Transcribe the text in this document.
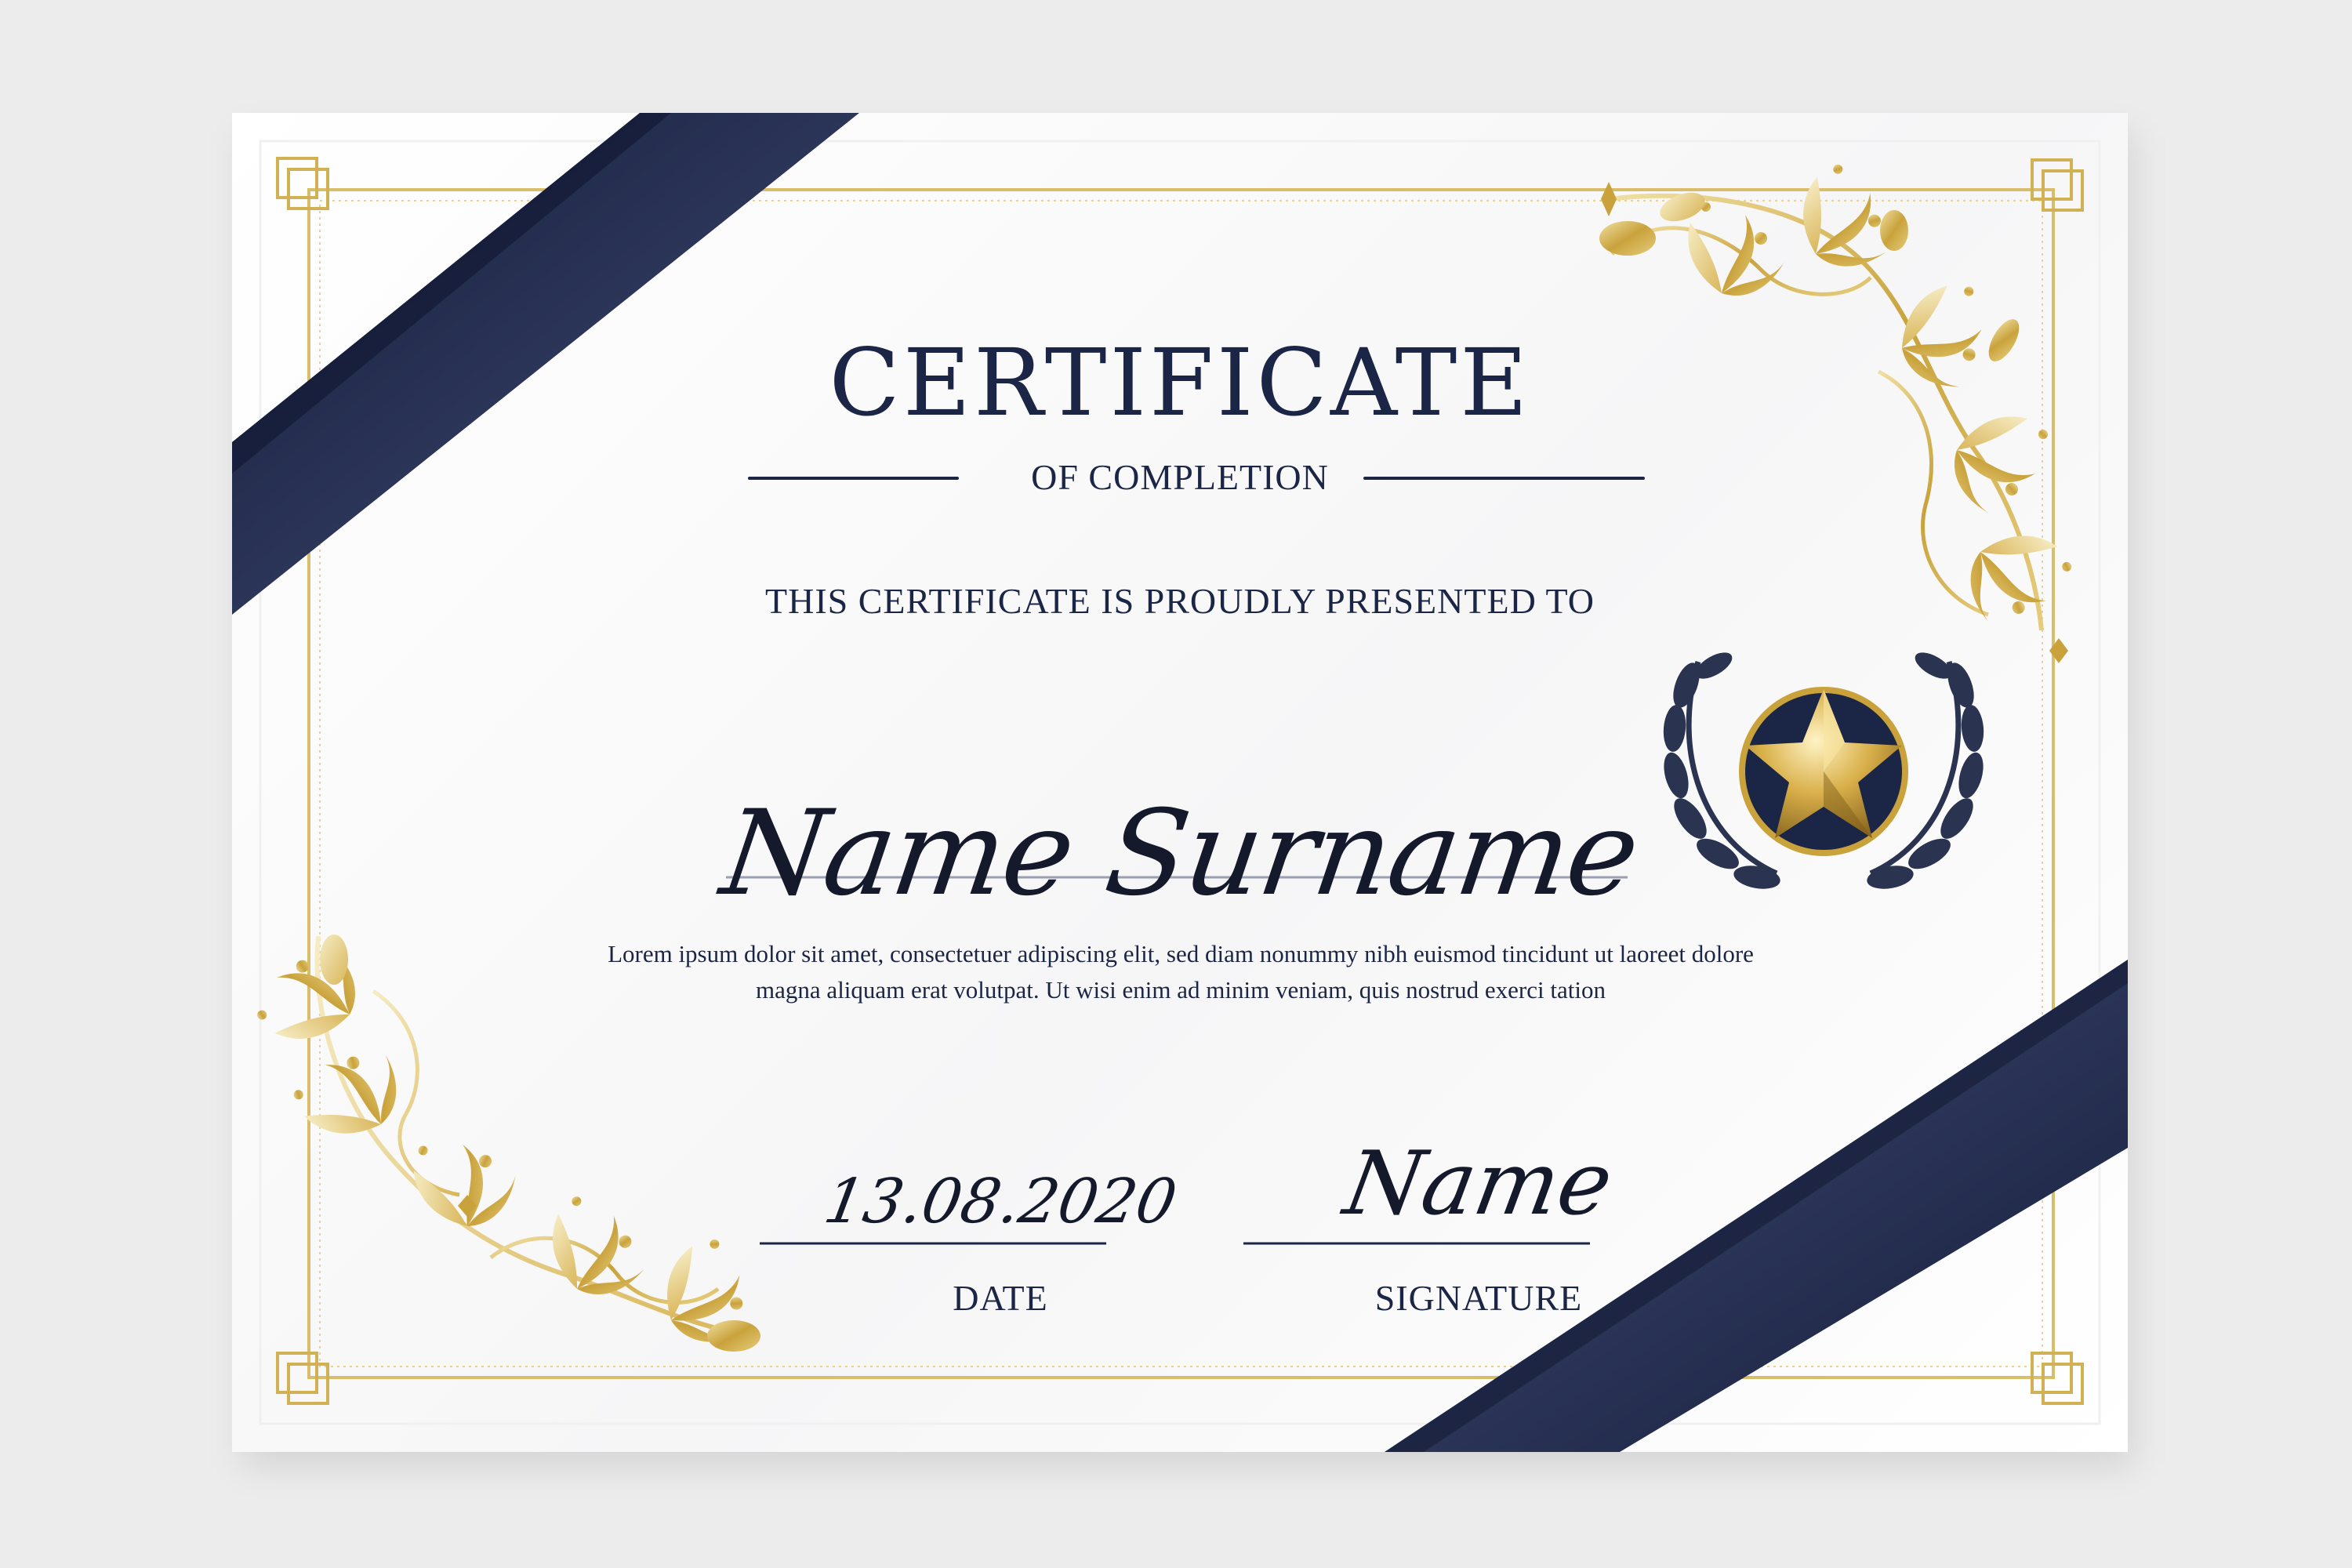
CERTIFICATE

OF COMPLETION

THIS CERTIFICATE IS PROUDLY PRESENTED TO

Name Surname

Lorem ipsum dolor sit amet, consectetuer adipiscing elit, sed diam nonummy nibh euismod tincidunt ut laoreet dolore magna aliquam erat volutpat. Ut wisi enim ad minim veniam, quis nostrud exerci tation

13.08.2020

DATE

Name

SIGNATURE
